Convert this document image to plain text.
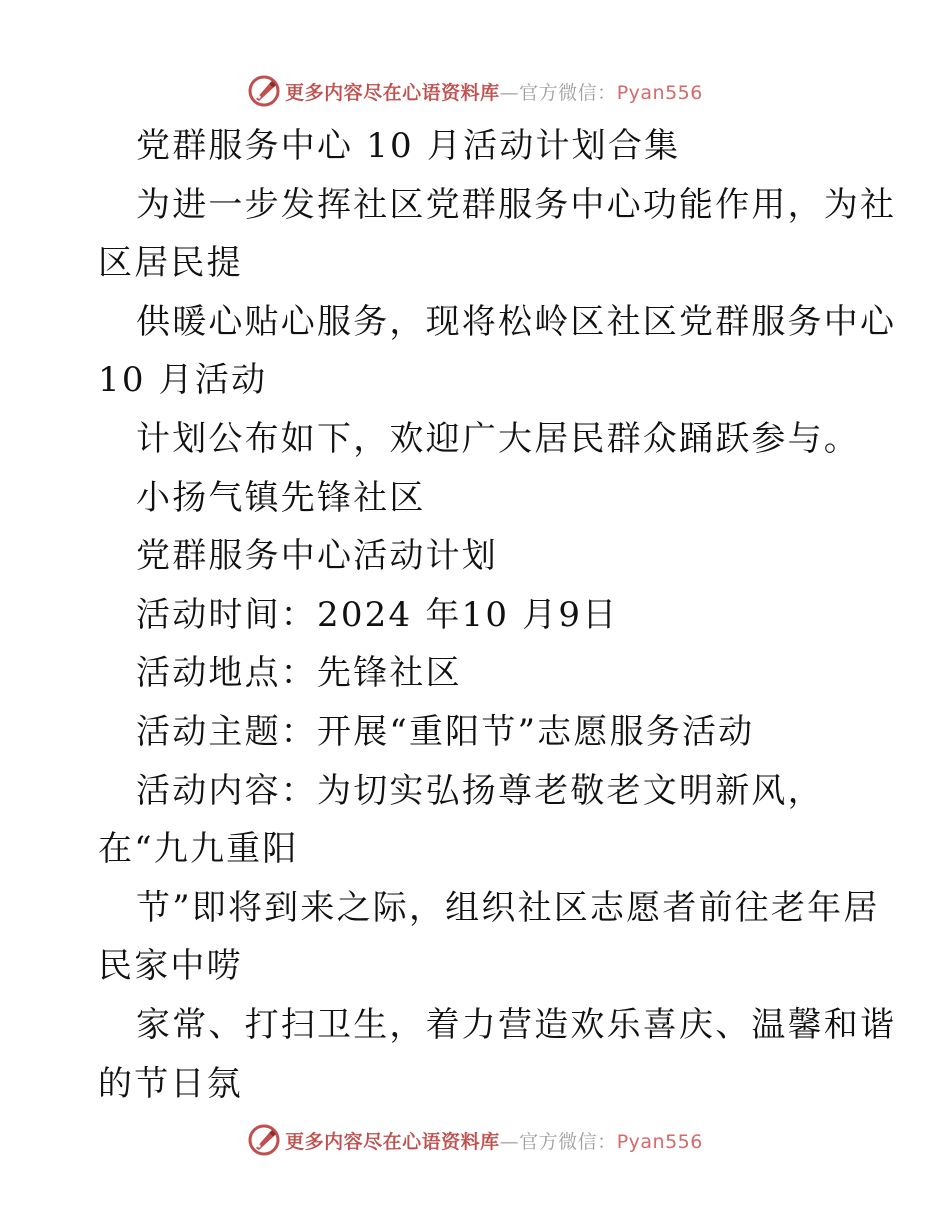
更多内容尽在心语资料库—官方微信：Pyan556
党群服务中心 10 月活动计划合集
为进一步发挥社区党群服务中心功能作用，为社
区居民提
供暖心贴心服务，现将松岭区社区党群服务中心
10 月活动
计划公布如下，欢迎广大居民群众踊跃参与。
小扬气镇先锋社区
党群服务中心活动计划
活动时间：2024 年10 月9日
活动地点：先锋社区
活动主题：开展“重阳节”志愿服务活动
活动内容：为切实弘扬尊老敬老文明新风，
在“九九重阳
节”即将到来之际，组织社区志愿者前往老年居
民家中唠
家常、打扫卫生，着力营造欢乐喜庆、温馨和谐
的节日氛
更多内容尽在心语资料库—官方微信：Pyan556
